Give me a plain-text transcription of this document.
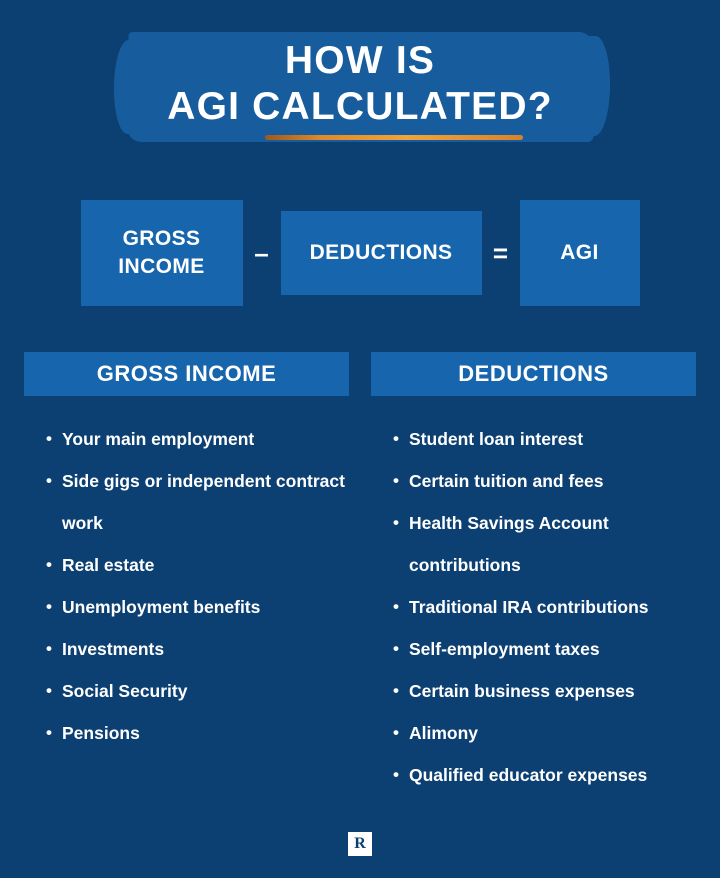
HOW IS
AGI CALCULATED?
GROSS INCOME	–	DEDUCTIONS	=	AGI
GROSS INCOME
• Your main employment
• Side gigs or independent contract work
• Real estate
• Unemployment benefits
• Investments
• Social Security
• Pensions
DEDUCTIONS
• Student loan interest
• Certain tuition and fees
• Health Savings Account contributions
• Traditional IRA contributions
• Self-employment taxes
• Certain business expenses
• Alimony
• Qualified educator expenses
R
